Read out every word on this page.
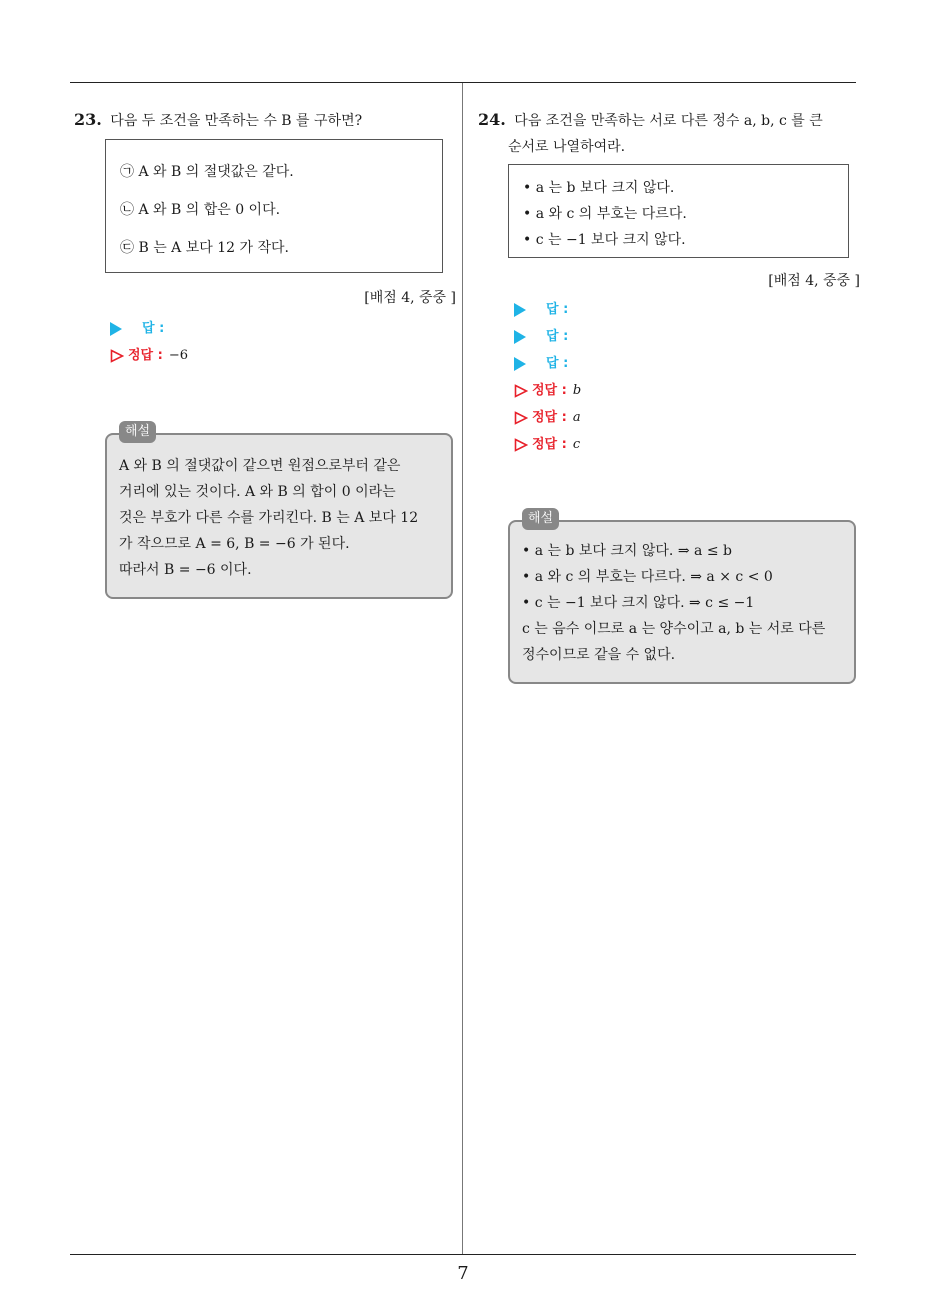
23. 다음 두 조건을 만족하는 수 B 를 구하면?
㉠ A 와 B 의 절댓값은 같다.
㉡ A 와 B 의 합은 0 이다.
㉢ B 는 A 보다 12 가 작다.
[배점 4, 중중 ]
답 :
정답 : −6
A 와 B 의 절댓값이 같으면 원점으로부터 같은
거리에 있는 것이다. A 와 B 의 합이 0 이라는
것은 부호가 다른 수를 가리킨다. B 는 A 보다 12
가 작으므로 A = 6, B = −6 가 된다.
따라서 B = −6 이다.
해설
24. 다음 조건을 만족하는 서로 다른 정수 a, b, c 를 큰
순서로 나열하여라.
• a 는 b 보다 크지 않다.
• a 와 c 의 부호는 다르다.
• c 는 −1 보다 크지 않다.
[배점 4, 중중 ]
답 :
답 :
답 :
정답 : b
정답 : a
정답 : c
• a 는 b 보다 크지 않다. ⇒ a ≤ b
• a 와 c 의 부호는 다르다. ⇒ a × c < 0
• c 는 −1 보다 크지 않다. ⇒ c ≤ −1
c 는 음수 이므로 a 는 양수이고 a, b 는 서로 다른
정수이므로 같을 수 없다.
해설
7
